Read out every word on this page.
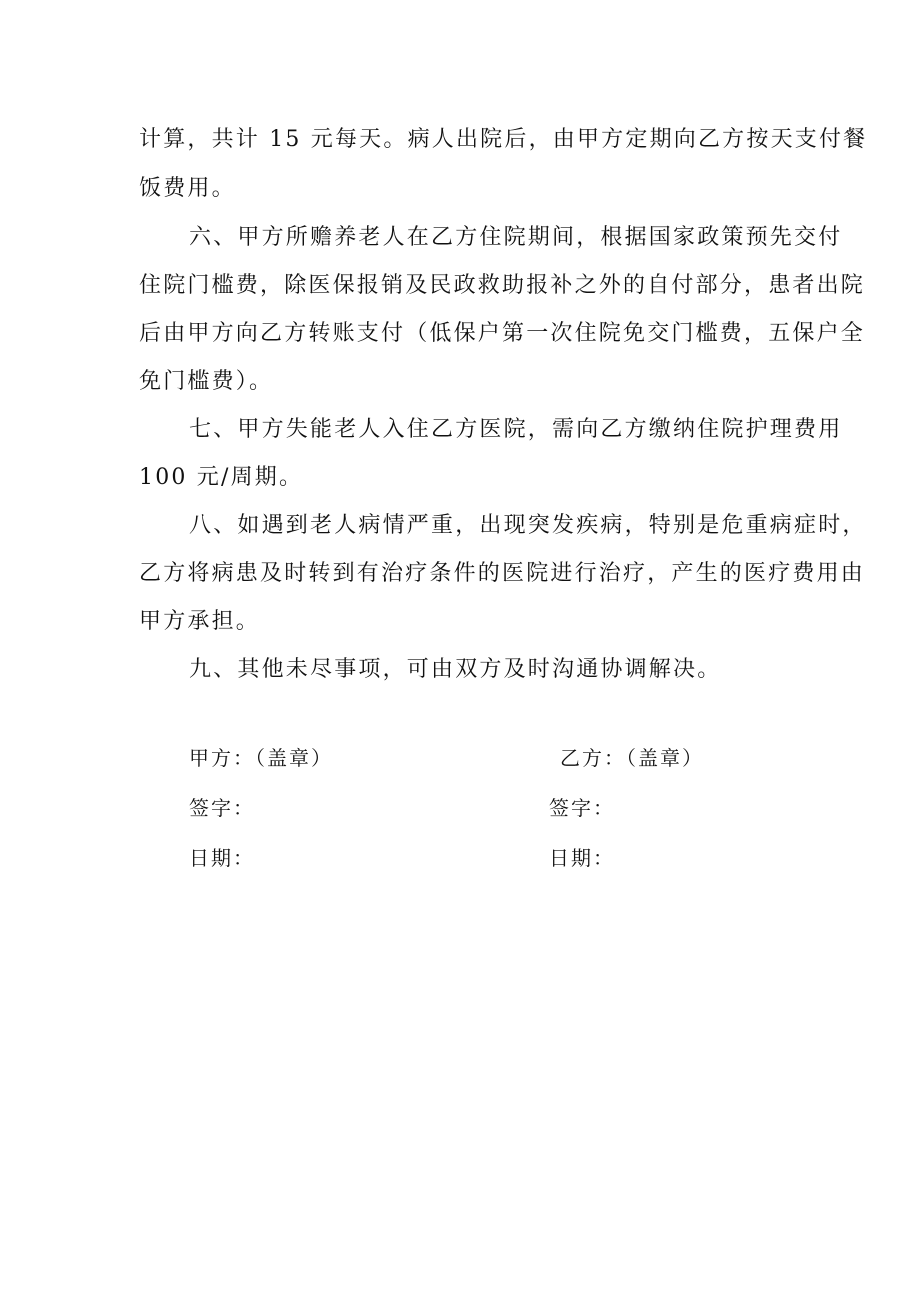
计算，共计 15 元每天。病人出院后，由甲方定期向乙方按天支付餐
饭费用。
六、甲方所赡养老人在乙方住院期间，根据国家政策预先交付
住院门槛费，除医保报销及民政救助报补之外的自付部分，患者出院
后由甲方向乙方转账支付（低保户第一次住院免交门槛费，五保户全
免门槛费）。
七、甲方失能老人入住乙方医院，需向乙方缴纳住院护理费用
100 元/周期。
八、如遇到老人病情严重，出现突发疾病，特别是危重病症时，
乙方将病患及时转到有治疗条件的医院进行治疗，产生的医疗费用由
甲方承担。
九、其他未尽事项，可由双方及时沟通协调解决。
甲方：（盖章）
签字：
日期：
乙方：（盖章）
签字：
日期：
